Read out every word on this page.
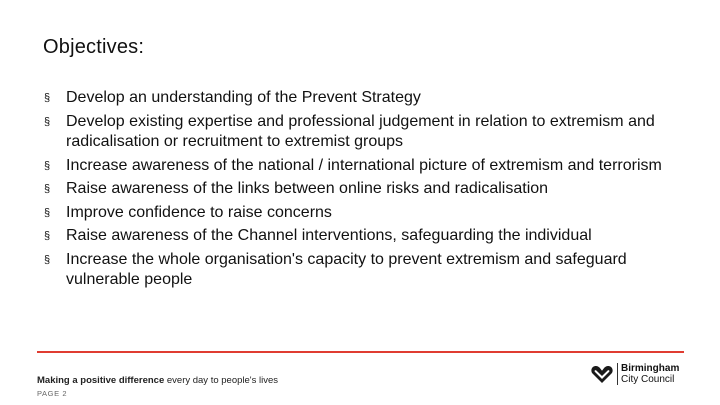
Objectives:
§ Develop an understanding of the Prevent Strategy
§ Develop existing expertise and professional judgement in relation to extremism and radicalisation or recruitment to extremist groups
§ Increase awareness of the national / international picture of extremism and terrorism
§ Raise awareness of the links between online risks and radicalisation
§ Improve confidence to raise concerns
§ Raise awareness of the Channel interventions, safeguarding the individual
§ Increase the whole organisation's capacity to prevent extremism and safeguard vulnerable people
Making a positive difference every day to people's lives
PAGE 2
Birmingham
City Council
